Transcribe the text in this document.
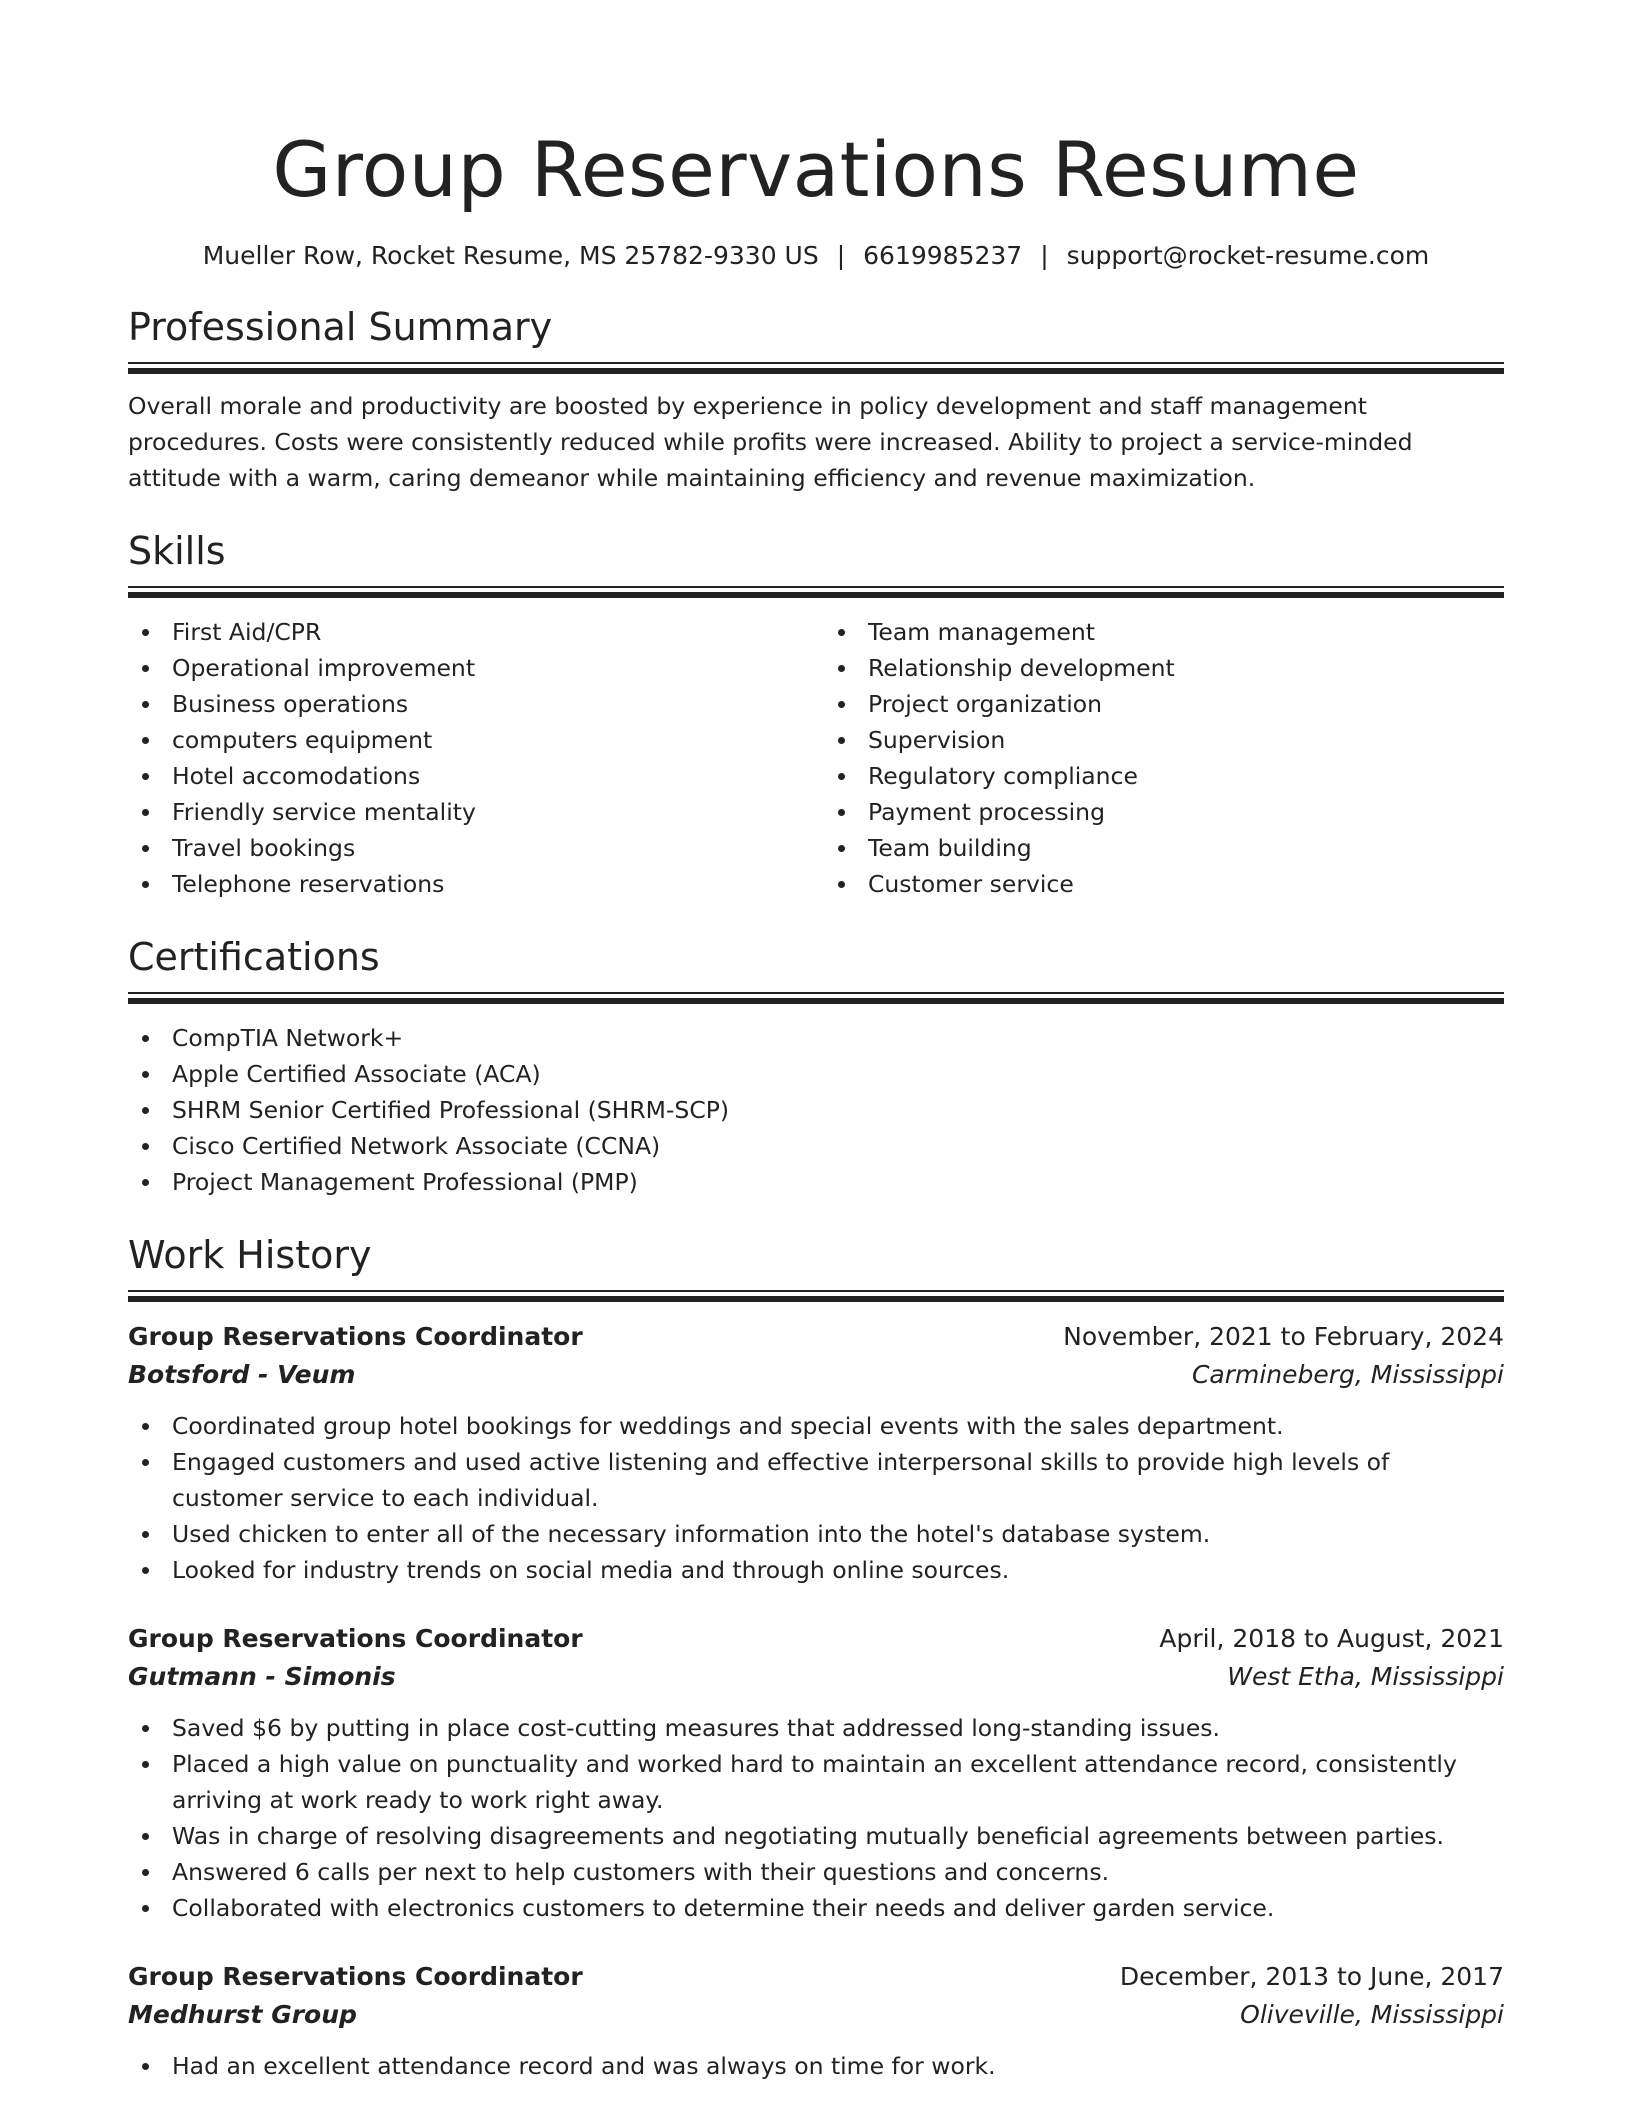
Group Reservations Resume
Mueller Row, Rocket Resume, MS 25782-9330 US | 6619985237 | support@rocket-resume.com
Professional Summary

Overall morale and productivity are boosted by experience in policy development and staff management procedures. Costs were consistently reduced while profits were increased. Ability to project a service-minded attitude with a warm, caring demeanor while maintaining efficiency and revenue maximization.

Skills
First Aid/CPR
Operational improvement
Business operations
computers equipment
Hotel accomodations
Friendly service mentality
Travel bookings
Telephone reservations
Team management
Relationship development
Project organization
Supervision
Regulatory compliance
Payment processing
Team building
Customer service
Certifications
CompTIA Network+
Apple Certified Associate (ACA)
SHRM Senior Certified Professional (SHRM-SCP)
Cisco Certified Network Associate (CCNA)
Project Management Professional (PMP)
Work History
Group Reservations Coordinator	November, 2021 to February, 2024
Botsford - Veum	Carmineberg, Mississippi
Coordinated group hotel bookings for weddings and special events with the sales department.
Engaged customers and used active listening and effective interpersonal skills to provide high levels of customer service to each individual.
Used chicken to enter all of the necessary information into the hotel's database system.
Looked for industry trends on social media and through online sources.
Group Reservations Coordinator	April, 2018 to August, 2021
Gutmann - Simonis	West Etha, Mississippi
Saved $6 by putting in place cost-cutting measures that addressed long-standing issues.
Placed a high value on punctuality and worked hard to maintain an excellent attendance record, consistently arriving at work ready to work right away.
Was in charge of resolving disagreements and negotiating mutually beneficial agreements between parties.
Answered 6 calls per next to help customers with their questions and concerns.
Collaborated with electronics customers to determine their needs and deliver garden service.
Group Reservations Coordinator	December, 2013 to June, 2017
Medhurst Group	Oliveville, Mississippi
Had an excellent attendance record and was always on time for work.
